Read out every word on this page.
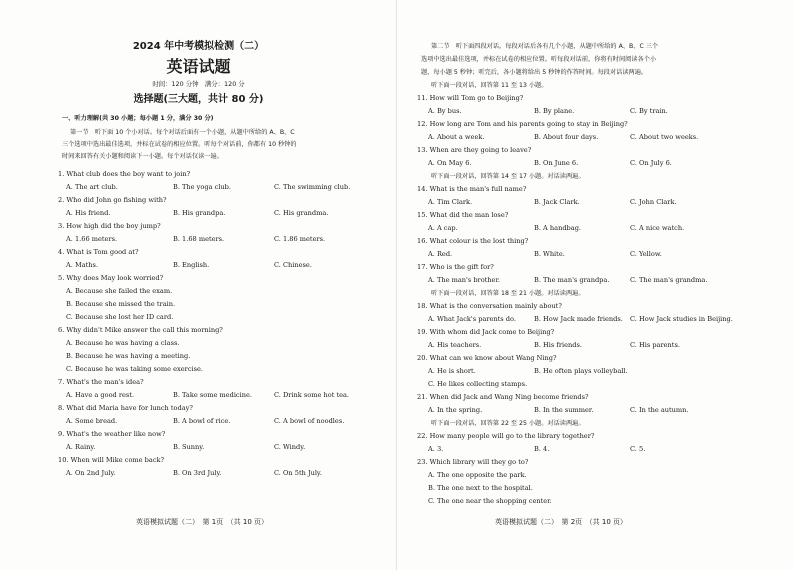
2024 年中考模拟检测（二）
英语试题
时间：120 分钟　满分：120 分
选择题(三大题，共计 80 分)
一、听力理解(共 30 小题；每小题 1 分，满分 30 分)
第一节　听下面 10 个小对话。每个对话后面有一个小题，从题中所给的 A、B、C
三个选项中选出最佳选项，并标在试卷的相应位置。听每个对话前，你都有 10 秒钟的
时间来回答有关小题和阅读下一小题。每个对话仅读一遍。
1. What club does the boy want to join?
A. The art club.	B. The yoga club.	C. The swimming club.
2. Who did John go fishing with?
A. His friend.	B. His grandpa.	C. His grandma.
3. How high did the boy jump?
A. 1.66 meters.	B. 1.68 meters.	C. 1.86 meters.
4. What is Tom good at?
A. Maths.	B. English.	C. Chinese.
5. Why does May look worried?
A. Because she failed the exam.
B. Because she missed the train.
C. Because she lost her ID card.
6. Why didn't Mike answer the call this morning?
A. Because he was having a class.
B. Because he was having a meeting.
C. Because he was taking some exercise.
7. What's the man's idea?
A. Have a good rest.	B. Take some medicine.	C. Drink some hot tea.
8. What did Maria have for lunch today?
A. Some bread.	B. A bowl of rice.	C. A bowl of noodles.
9. What's the weather like now?
A. Rainy.	B. Sunny.	C. Windy.
10. When will Mike come back?
A. On 2nd July.	B. On 3rd July.	C. On 5th July.
英语模拟试题（二）　第 1页　（共 10 页）
第二节　听下面四段对话。每段对话后各有几个小题，从题中所给的 A、B、C 三个
选项中选出最佳选项，并标在试卷的相应位置。听每段对话前，你将有时间阅读各个小
题，每小题 5 秒钟；听完后，各小题将给出 5 秒钟的作答时间。每段对话读两遍。
听下面一段对话，回答第 11 至 13 小题。
11. How will Tom go to Beijing?
A. By bus.	B. By plane.	C. By train.
12. How long are Tom and his parents going to stay in Beijing?
A. About a week.	B. About four days.	C. About two weeks.
13. When are they going to leave?
A. On May 6.	B. On June 6.	C. On July 6.
听下面一段对话，回答第 14 至 17 小题。对话读两遍。
14. What is the man's full name?
A. Tim Clark.	B. Jack Clark.	C. John Clark.
15. What did the man lose?
A. A cap.	B. A handbag.	C. A nice watch.
16. What colour is the lost thing?
A. Red.	B. White.	C. Yellow.
17. Who is the gift for?
A. The man's brother.	B. The man's grandpa.	C. The man's grandma.
听下面一段对话，回答第 18 至 21 小题。对话读两遍。
18. What is the conversation mainly about?
A. What Jack's parents do.	B. How Jack made friends. C. How Jack studies in Beijing.
19. With whom did Jack come to Beijing?
A. His teachers.	B. His friends.	C. His parents.
20. What can we know about Wang Ning?
A. He is short.	B. He often plays volleyball.
C. He likes collecting stamps.
21. When did Jack and Wang Ning become friends?
A. In the spring.	B. In the summer.	C. In the autumn.
听下面一段对话，回答第 22 至 25 小题。对话读两遍。
22. How many people will go to the library together?
A. 3.	B. 4.	C. 5.
23. Which library will they go to?
A. The one opposite the park.
B. The one next to the hospital.
C. The one near the shopping center.
英语模拟试题（二）　第 2页　（共 10 页）
